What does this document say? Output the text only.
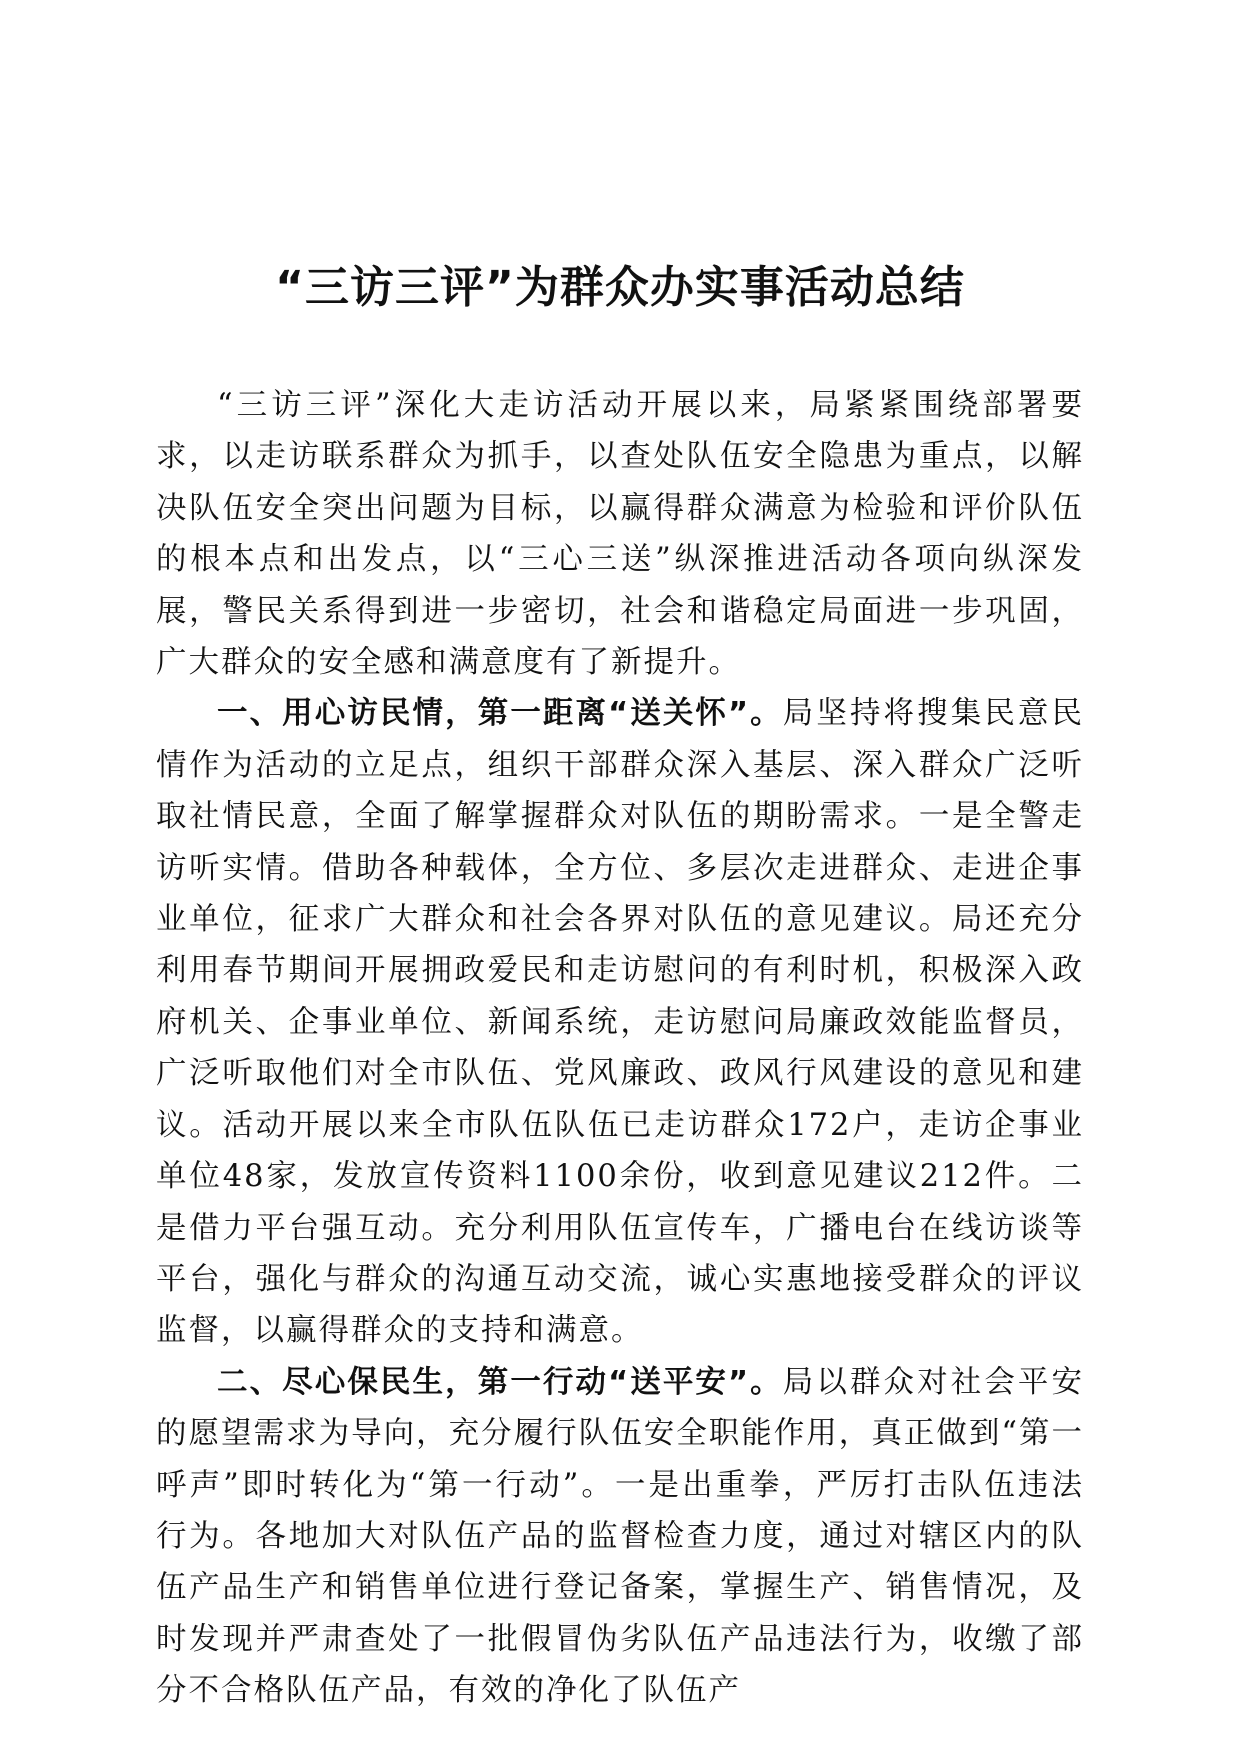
“三访三评”为群众办实事活动总结

“三访三评”深化大走访活动开展以来，局紧紧围绕部署要求，以走访联系群众为抓手，以查处队伍安全隐患为重点，以解决队伍安全突出问题为目标，以赢得群众满意为检验和评价队伍的根本点和出发点，以“三心三送”纵深推进活动各项向纵深发展，警民关系得到进一步密切，社会和谐稳定局面进一步巩固，广大群众的安全感和满意度有了新提升。

一、用心访民情，第一距离“送关怀”。局坚持将搜集民意民情作为活动的立足点，组织干部群众深入基层、深入群众广泛听取社情民意，全面了解掌握群众对队伍的期盼需求。一是全警走访听实情。借助各种载体，全方位、多层次走进群众、走进企事业单位，征求广大群众和社会各界对队伍的意见建议。局还充分利用春节期间开展拥政爱民和走访慰问的有利时机，积极深入政府机关、企事业单位、新闻系统，走访慰问局廉政效能监督员，广泛听取他们对全市队伍、党风廉政、政风行风建设的意见和建议。活动开展以来全市队伍队伍已走访群众172户，走访企事业单位48家，发放宣传资料1100余份，收到意见建议212件。二是借力平台强互动。充分利用队伍宣传车，广播电台在线访谈等平台，强化与群众的沟通互动交流，诚心实惠地接受群众的评议监督，以赢得群众的支持和满意。

二、尽心保民生，第一行动“送平安”。局以群众对社会平安的愿望需求为导向，充分履行队伍安全职能作用，真正做到“第一呼声”即时转化为“第一行动”。一是出重拳，严厉打击队伍违法行为。各地加大对队伍产品的监督检查力度，通过对辖区内的队伍产品生产和销售单位进行登记备案，掌握生产、销售情况，及时发现并严肃查处了一批假冒伪劣队伍产品违法行为，收缴了部分不合格队伍产品，有效的净化了队伍产
